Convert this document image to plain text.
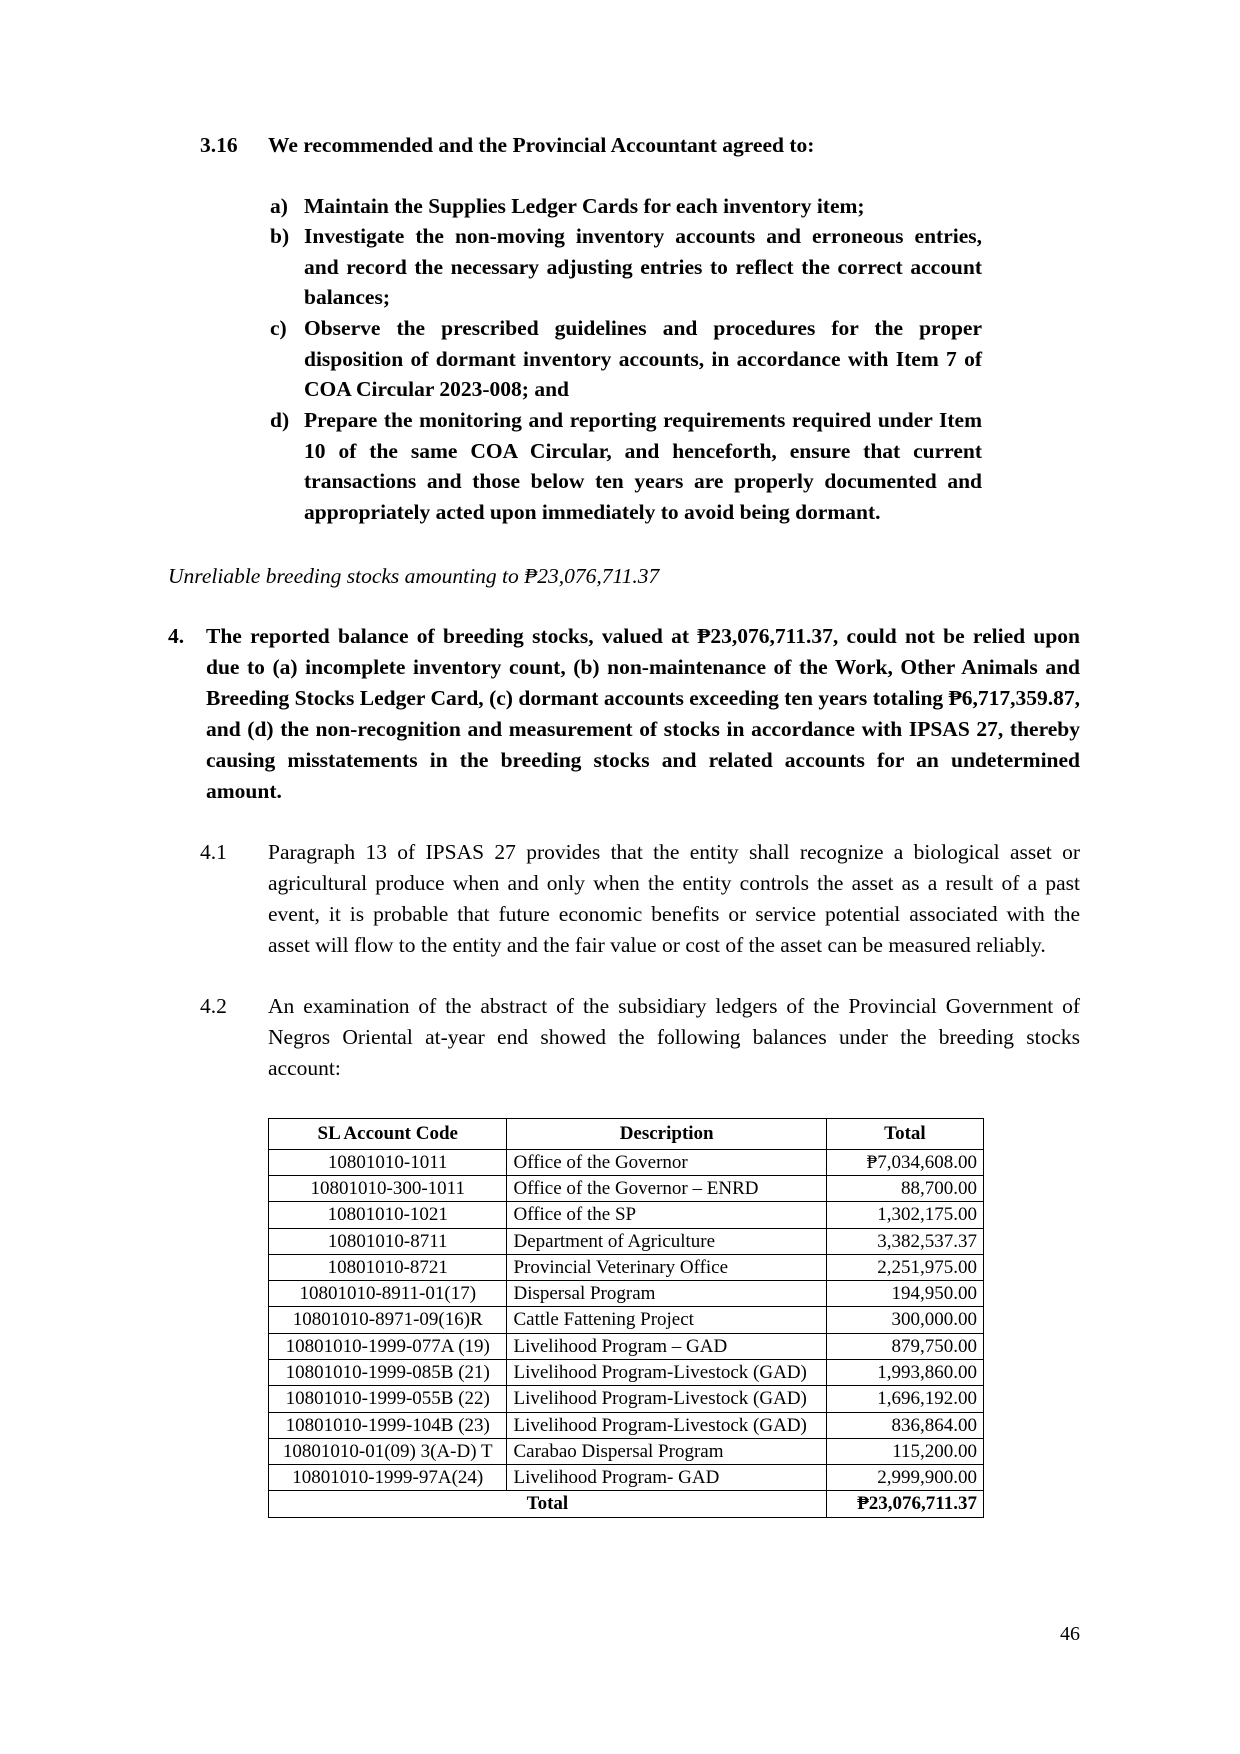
3.16	We recommended and the Provincial Accountant agreed to:
a) Maintain the Supplies Ledger Cards for each inventory item;
b) Investigate the non-moving inventory accounts and erroneous entries, and record the necessary adjusting entries to reflect the correct account balances;
c) Observe the prescribed guidelines and procedures for the proper disposition of dormant inventory accounts, in accordance with Item 7 of COA Circular 2023-008; and
d) Prepare the monitoring and reporting requirements required under Item 10 of the same COA Circular, and henceforth, ensure that current transactions and those below ten years are properly documented and appropriately acted upon immediately to avoid being dormant.
Unreliable breeding stocks amounting to ₱23,076,711.37
4.	The reported balance of breeding stocks, valued at ₱23,076,711.37, could not be relied upon due to (a) incomplete inventory count, (b) non-maintenance of the Work, Other Animals and Breeding Stocks Ledger Card, (c) dormant accounts exceeding ten years totaling ₱6,717,359.87, and (d) the non-recognition and measurement of stocks in accordance with IPSAS 27, thereby causing misstatements in the breeding stocks and related accounts for an undetermined amount.
4.1	Paragraph 13 of IPSAS 27 provides that the entity shall recognize a biological asset or agricultural produce when and only when the entity controls the asset as a result of a past event, it is probable that future economic benefits or service potential associated with the asset will flow to the entity and the fair value or cost of the asset can be measured reliably.
4.2	An examination of the abstract of the subsidiary ledgers of the Provincial Government of Negros Oriental at-year end showed the following balances under the breeding stocks account:
SL Account Code	Description	Total
10801010-1011	Office of the Governor	₱7,034,608.00
10801010-300-1011	Office of the Governor – ENRD	88,700.00
10801010-1021	Office of the SP	1,302,175.00
10801010-8711	Department of Agriculture	3,382,537.37
10801010-8721	Provincial Veterinary Office	2,251,975.00
10801010-8911-01(17)	Dispersal Program	194,950.00
10801010-8971-09(16)R	Cattle Fattening Project	300,000.00
10801010-1999-077A (19)	Livelihood Program – GAD	879,750.00
10801010-1999-085B (21)	Livelihood Program-Livestock (GAD)	1,993,860.00
10801010-1999-055B (22)	Livelihood Program-Livestock (GAD)	1,696,192.00
10801010-1999-104B (23)	Livelihood Program-Livestock (GAD)	836,864.00
10801010-01(09) 3(A-D) T	Carabao Dispersal Program	115,200.00
10801010-1999-97A(24)	Livelihood Program- GAD	2,999,900.00
Total		₱23,076,711.37
46
